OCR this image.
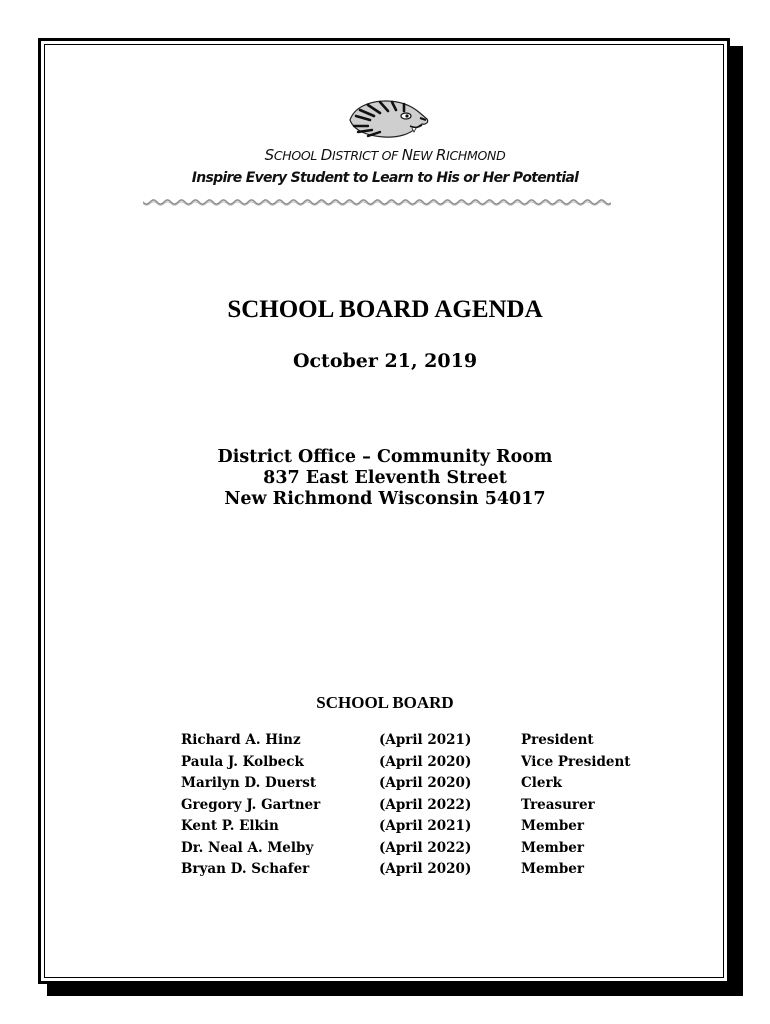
SCHOOL DISTRICT OF NEW RICHMOND
Inspire Every Student to Learn to His or Her Potential
SCHOOL BOARD AGENDA
October 21, 2019
District Office – Community Room
837 East Eleventh Street
New Richmond Wisconsin 54017
SCHOOL BOARD
Richard A. Hinz	(April 2021)	President
Paula J. Kolbeck	(April 2020)	Vice President
Marilyn D. Duerst	(April 2020)	Clerk
Gregory J. Gartner	(April 2022)	Treasurer
Kent P. Elkin	(April 2021)	Member
Dr. Neal A. Melby	(April 2022)	Member
Bryan D. Schafer	(April 2020)	Member
